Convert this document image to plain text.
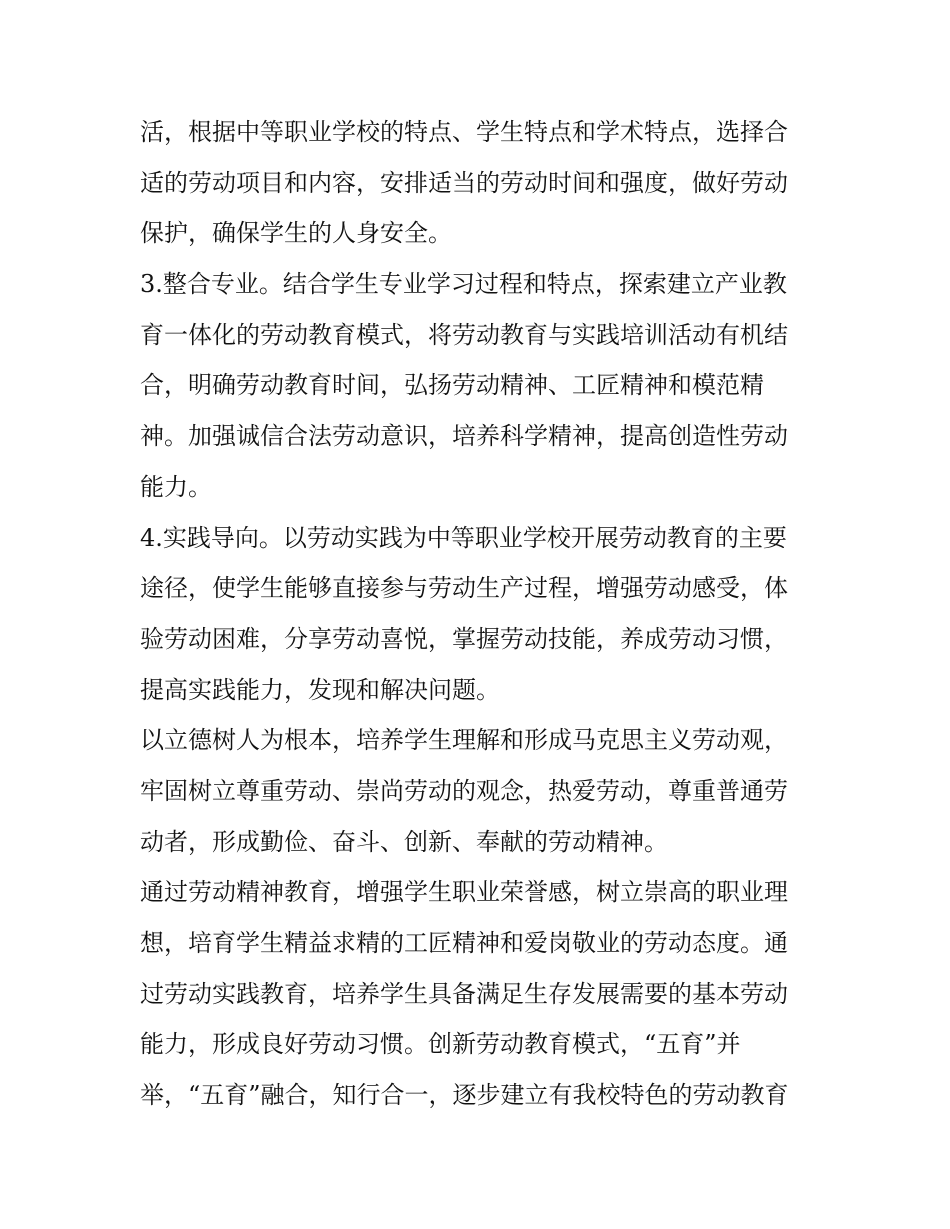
活，根据中等职业学校的特点、学生特点和学术特点，选择合
适的劳动项目和内容，安排适当的劳动时间和强度，做好劳动
保护，确保学生的人身安全。
3.整合专业。结合学生专业学习过程和特点，探索建立产业教
育一体化的劳动教育模式，将劳动教育与实践培训活动有机结
合，明确劳动教育时间，弘扬劳动精神、工匠精神和模范精
神。加强诚信合法劳动意识，培养科学精神，提高创造性劳动
能力。
4.实践导向。以劳动实践为中等职业学校开展劳动教育的主要
途径，使学生能够直接参与劳动生产过程，增强劳动感受，体
验劳动困难，分享劳动喜悦，掌握劳动技能，养成劳动习惯，
提高实践能力，发现和解决问题。
以立德树人为根本，培养学生理解和形成马克思主义劳动观，
牢固树立尊重劳动、崇尚劳动的观念，热爱劳动，尊重普通劳
动者，形成勤俭、奋斗、创新、奉献的劳动精神。
通过劳动精神教育，增强学生职业荣誉感，树立崇高的职业理
想，培育学生精益求精的工匠精神和爱岗敬业的劳动态度。通
过劳动实践教育，培养学生具备满足生存发展需要的基本劳动
能力，形成良好劳动习惯。创新劳动教育模式，“五育”并
举，“五育”融合，知行合一，逐步建立有我校特色的劳动教育
